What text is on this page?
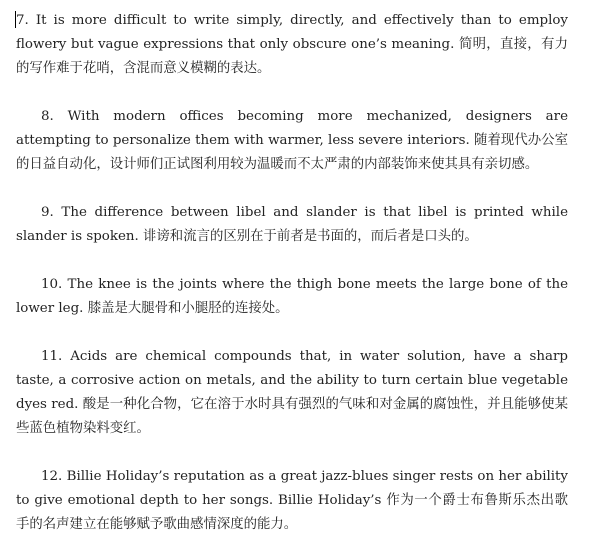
7. It is more difficult to write simply, directly, and effectively than to employ flowery but vague expressions that only obscure one’s meaning. 简明，直接，有力的写作难于花哨，含混而意义模糊的表达。

8. With modern offices becoming more mechanized, designers are attempting to personalize them with warmer, less severe interiors. 随着现代办公室的日益自动化，设计师们正试图利用较为温暖而不太严肃的内部装饰来使其具有亲切感。

9. The difference between libel and slander is that libel is printed while slander is spoken. 诽谤和流言的区别在于前者是书面的，而后者是口头的。

10. The knee is the joints where the thigh bone meets the large bone of the lower leg. 膝盖是大腿骨和小腿胫的连接处。

11. Acids are chemical compounds that, in water solution, have a sharp taste, a corrosive action on metals, and the ability to turn certain blue vegetable dyes red. 酸是一种化合物，它在溶于水时具有强烈的气味和对金属的腐蚀性，并且能够使某些蓝色植物染料变红。

12. Billie Holiday’s reputation as a great jazz-blues singer rests on her ability to give emotional depth to her songs. Billie Holiday’s 作为一个爵士布鲁斯乐杰出歌手的名声建立在能够赋予歌曲感情深度的能力。
